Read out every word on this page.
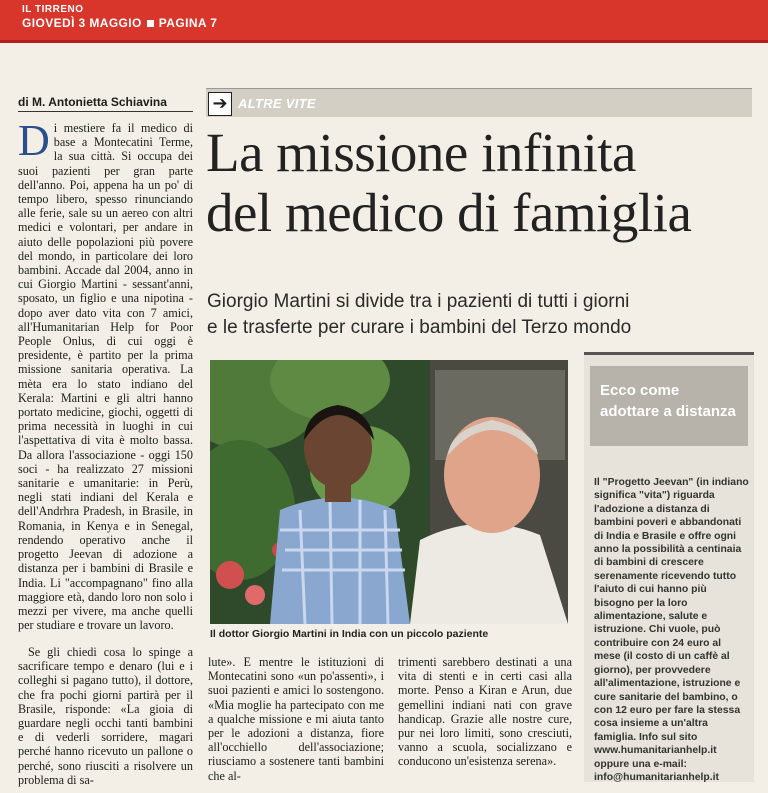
IL TIRRENO
GIOVEDÌ 3 MAGGIO PAGINA 7
di M. Antonietta Schiavina

Di mestiere fa il medico di base a Montecatini Terme, la sua città. Si occupa dei suoi pazienti per gran parte dell'anno. Poi, appena ha un po' di tempo libero, spesso rinunciando alle ferie, sale su un aereo con altri medici e volontari, per andare in aiuto delle popolazioni più povere del mondo, in particolare dei loro bambini. Accade dal 2004, anno in cui Giorgio Martini - sessant'anni, sposato, un figlio e una nipotina - dopo aver dato vita con 7 amici, all'Humanitarian Help for Poor People Onlus, di cui oggi è presidente, è partito per la prima missione sanitaria operativa. La mèta era lo stato indiano del Kerala: Martini e gli altri hanno portato medicine, giochi, oggetti di prima necessità in luoghi in cui l'aspettativa di vita è molto bassa. Da allora l'associazione - oggi 150 soci - ha realizzato 27 missioni sanitarie e umanitarie: in Perù, negli stati indiani del Kerala e dell'Andrhra Pradesh, in Brasile, in Romania, in Kenya e in Senegal, rendendo operativo anche il progetto Jeevan di adozione a distanza per i bambini di Brasile e India. Li "accompagnano" fino alla maggiore età, dando loro non solo i mezzi per vivere, ma anche quelli per studiare e trovare un lavoro.

Se gli chiedi cosa lo spinge a sacrificare tempo e denaro (lui e i colleghi si pagano tutto), il dottore, che fra pochi giorni partirà per il Brasile, risponde: «La gioia di guardare negli occhi tanti bambini e di vederli sorridere, magari perché hanno ricevuto un pallone o perché, sono riusciti a risolvere un problema di sa-

lute». E mentre le istituzioni di Montecatini sono «un po'assenti», i suoi pazienti e amici lo sostengono. «Mia moglie ha partecipato con me a qualche missione e mi aiuta tanto per le adozioni a distanza, fiore all'occhiello dell'associazione; riusciamo a sostenere tanti bambini che al-

trimenti sarebbero destinati a una vita di stenti e in certi casi alla morte. Penso a Kiran e Arun, due gemellini indiani nati con grave handicap. Grazie alle nostre cure, pur nei loro limiti, sono cresciuti, vanno a scuola, socializzano e conducono un'esistenza serena».

➔ ALTRE VITE
La missione infinita
del medico di famiglia
Giorgio Martini si divide tra i pazienti di tutti i giorni
e le trasferte per curare i bambini del Terzo mondo
Il dottor Giorgio Martini in India con un piccolo paziente
Ecco come adottare a distanza
Il "Progetto Jeevan" (in indiano significa "vita") riguarda l'adozione a distanza di bambini poveri e abbandonati di India e Brasile e offre ogni anno la possibilità a centinaia di bambini di crescere serenamente ricevendo tutto l'aiuto di cui hanno più bisogno per la loro alimentazione, salute e istruzione. Chi vuole, può contribuire con 24 euro al mese (il costo di un caffè al giorno), per provvedere all'alimentazione, istruzione e cure sanitarie del bambino, o con 12 euro per fare la stessa cosa insieme a un'altra famiglia. Info sul sito www.humanitarianhelp.it oppure una e-mail: info@humanitarianhelp.it
